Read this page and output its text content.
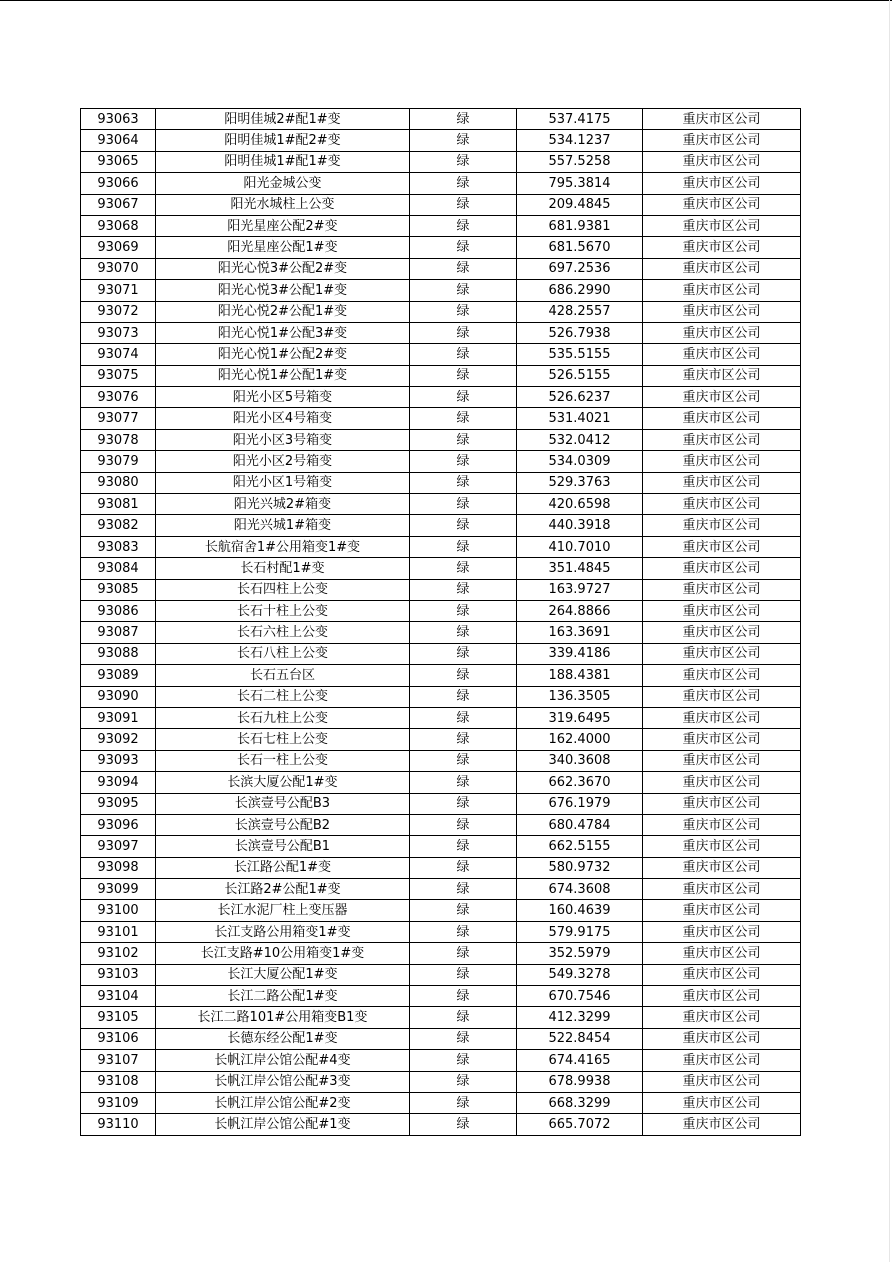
93063	阳明佳城2#配1#变	绿	537.4175	重庆市区公司
93064	阳明佳城1#配2#变	绿	534.1237	重庆市区公司
93065	阳明佳城1#配1#变	绿	557.5258	重庆市区公司
93066	阳光金城公变	绿	795.3814	重庆市区公司
93067	阳光水城柱上公变	绿	209.4845	重庆市区公司
93068	阳光星座公配2#变	绿	681.9381	重庆市区公司
93069	阳光星座公配1#变	绿	681.5670	重庆市区公司
93070	阳光心悦3#公配2#变	绿	697.2536	重庆市区公司
93071	阳光心悦3#公配1#变	绿	686.2990	重庆市区公司
93072	阳光心悦2#公配1#变	绿	428.2557	重庆市区公司
93073	阳光心悦1#公配3#变	绿	526.7938	重庆市区公司
93074	阳光心悦1#公配2#变	绿	535.5155	重庆市区公司
93075	阳光心悦1#公配1#变	绿	526.5155	重庆市区公司
93076	阳光小区5号箱变	绿	526.6237	重庆市区公司
93077	阳光小区4号箱变	绿	531.4021	重庆市区公司
93078	阳光小区3号箱变	绿	532.0412	重庆市区公司
93079	阳光小区2号箱变	绿	534.0309	重庆市区公司
93080	阳光小区1号箱变	绿	529.3763	重庆市区公司
93081	阳光兴城2#箱变	绿	420.6598	重庆市区公司
93082	阳光兴城1#箱变	绿	440.3918	重庆市区公司
93083	长航宿舍1#公用箱变1#变	绿	410.7010	重庆市区公司
93084	长石村配1#变	绿	351.4845	重庆市区公司
93085	长石四柱上公变	绿	163.9727	重庆市区公司
93086	长石十柱上公变	绿	264.8866	重庆市区公司
93087	长石六柱上公变	绿	163.3691	重庆市区公司
93088	长石八柱上公变	绿	339.4186	重庆市区公司
93089	长石五台区	绿	188.4381	重庆市区公司
93090	长石二柱上公变	绿	136.3505	重庆市区公司
93091	长石九柱上公变	绿	319.6495	重庆市区公司
93092	长石七柱上公变	绿	162.4000	重庆市区公司
93093	长石一柱上公变	绿	340.3608	重庆市区公司
93094	长滨大厦公配1#变	绿	662.3670	重庆市区公司
93095	长滨壹号公配B3	绿	676.1979	重庆市区公司
93096	长滨壹号公配B2	绿	680.4784	重庆市区公司
93097	长滨壹号公配B1	绿	662.5155	重庆市区公司
93098	长江路公配1#变	绿	580.9732	重庆市区公司
93099	长江路2#公配1#变	绿	674.3608	重庆市区公司
93100	长江水泥厂柱上变压器	绿	160.4639	重庆市区公司
93101	长江支路公用箱变1#变	绿	579.9175	重庆市区公司
93102	长江支路#10公用箱变1#变	绿	352.5979	重庆市区公司
93103	长江大厦公配1#变	绿	549.3278	重庆市区公司
93104	长江二路公配1#变	绿	670.7546	重庆市区公司
93105	长江二路101#公用箱变B1变	绿	412.3299	重庆市区公司
93106	长德东经公配1#变	绿	522.8454	重庆市区公司
93107	长帆江岸公馆公配#4变	绿	674.4165	重庆市区公司
93108	长帆江岸公馆公配#3变	绿	678.9938	重庆市区公司
93109	长帆江岸公馆公配#2变	绿	668.3299	重庆市区公司
93110	长帆江岸公馆公配#1变	绿	665.7072	重庆市区公司
